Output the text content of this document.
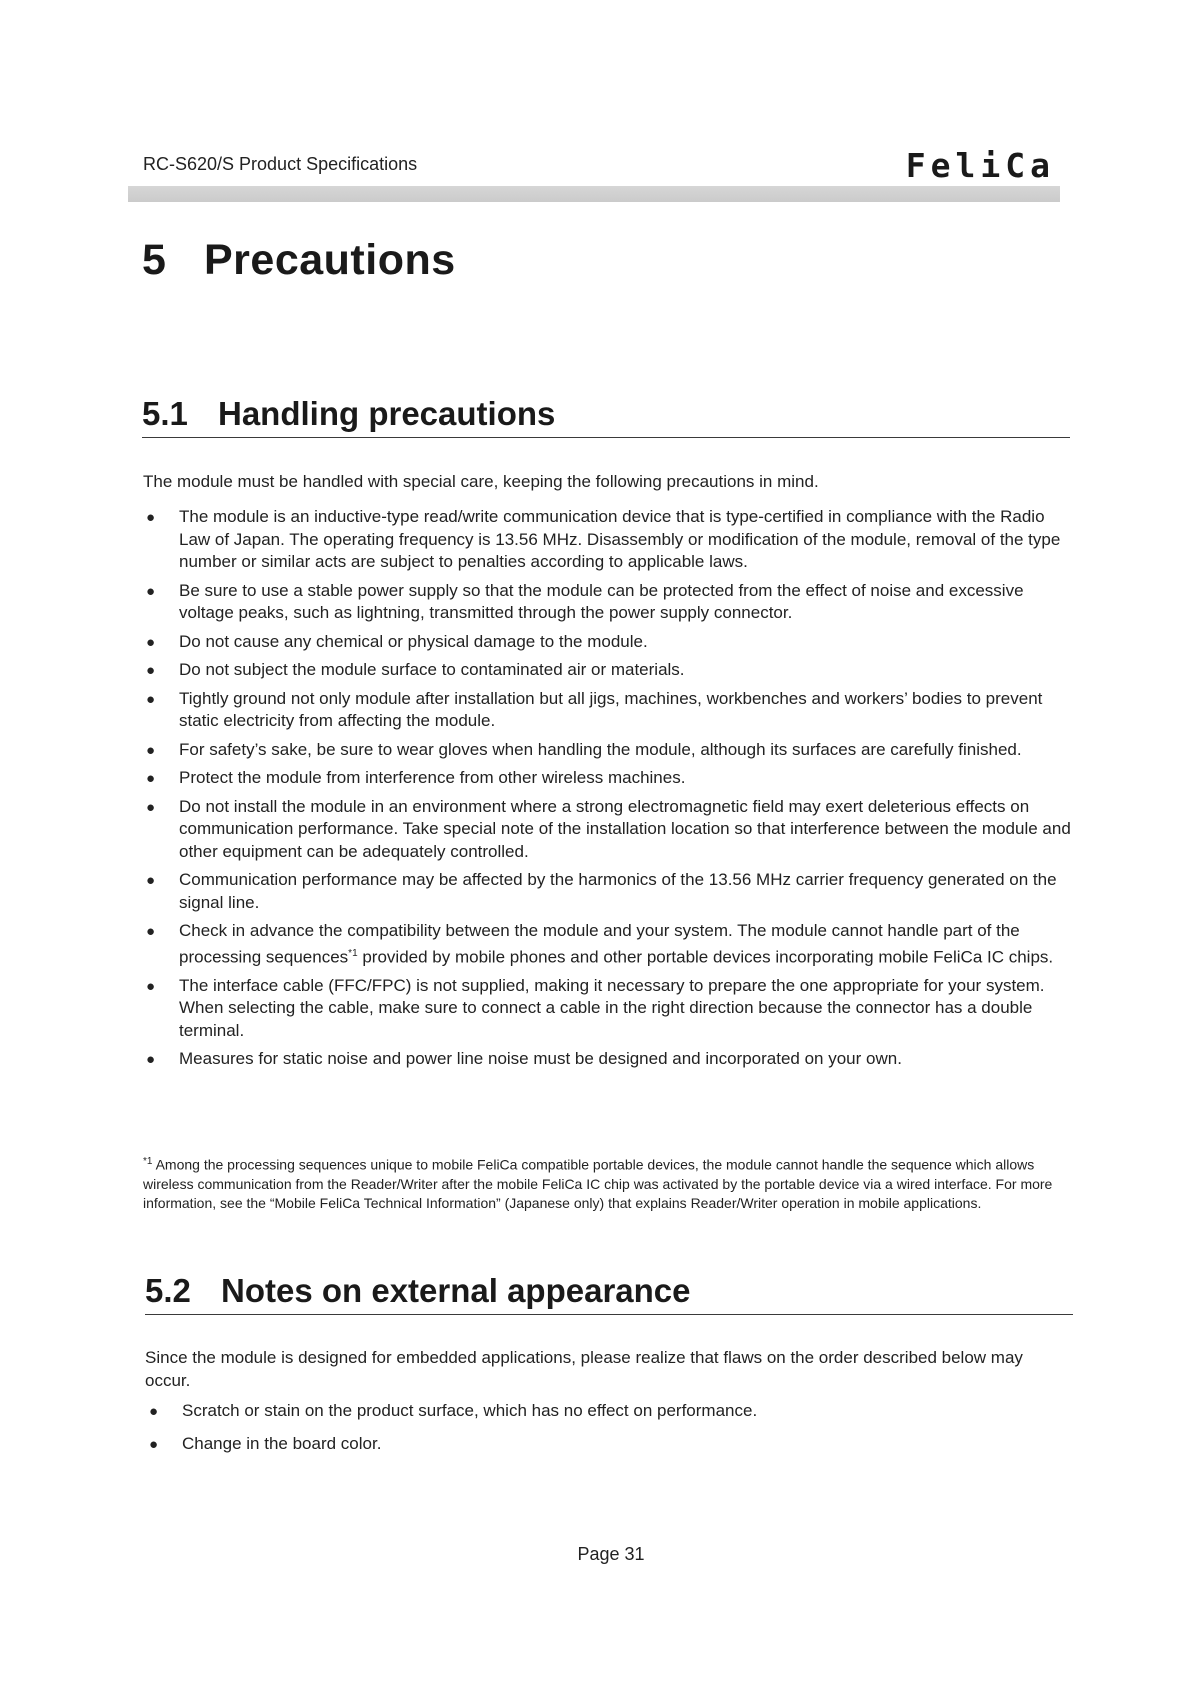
RC-S620/S Product Specifications	FeliCa
5 Precautions
5.1 Handling precautions

The module must be handled with special care, keeping the following precautions in mind.

● The module is an inductive-type read/write communication device that is type-certified in compliance with the Radio Law of Japan. The operating frequency is 13.56 MHz. Disassembly or modification of the module, removal of the type number or similar acts are subject to penalties according to applicable laws.
● Be sure to use a stable power supply so that the module can be protected from the effect of noise and excessive voltage peaks, such as lightning, transmitted through the power supply connector.
● Do not cause any chemical or physical damage to the module.
● Do not subject the module surface to contaminated air or materials.
● Tightly ground not only module after installation but all jigs, machines, workbenches and workers’ bodies to prevent static electricity from affecting the module.
● For safety’s sake, be sure to wear gloves when handling the module, although its surfaces are carefully finished.
● Protect the module from interference from other wireless machines.
● Do not install the module in an environment where a strong electromagnetic field may exert deleterious effects on communication performance. Take special note of the installation location so that interference between the module and other equipment can be adequately controlled.
● Communication performance may be affected by the harmonics of the 13.56 MHz carrier frequency generated on the signal line.
● Check in advance the compatibility between the module and your system. The module cannot handle part of the processing sequences$^{*1}$ provided by mobile phones and other portable devices incorporating mobile FeliCa IC chips.
● The interface cable (FFC/FPC) is not supplied, making it necessary to prepare the one appropriate for your system. When selecting the cable, make sure to connect a cable in the right direction because the connector has a double terminal.
● Measures for static noise and power line noise must be designed and incorporated on your own.

$^{*1}$ Among the processing sequences unique to mobile FeliCa compatible portable devices, the module cannot handle the sequence which allows wireless communication from the Reader/Writer after the mobile FeliCa IC chip was activated by the portable device via a wired interface. For more information, see the “Mobile FeliCa Technical Information” (Japanese only) that explains Reader/Writer operation in mobile applications.

5.2 Notes on external appearance

Since the module is designed for embedded applications, please realize that flaws on the order described below may occur.

● Scratch or stain on the product surface, which has no effect on performance.
● Change in the board color.
Page 31
